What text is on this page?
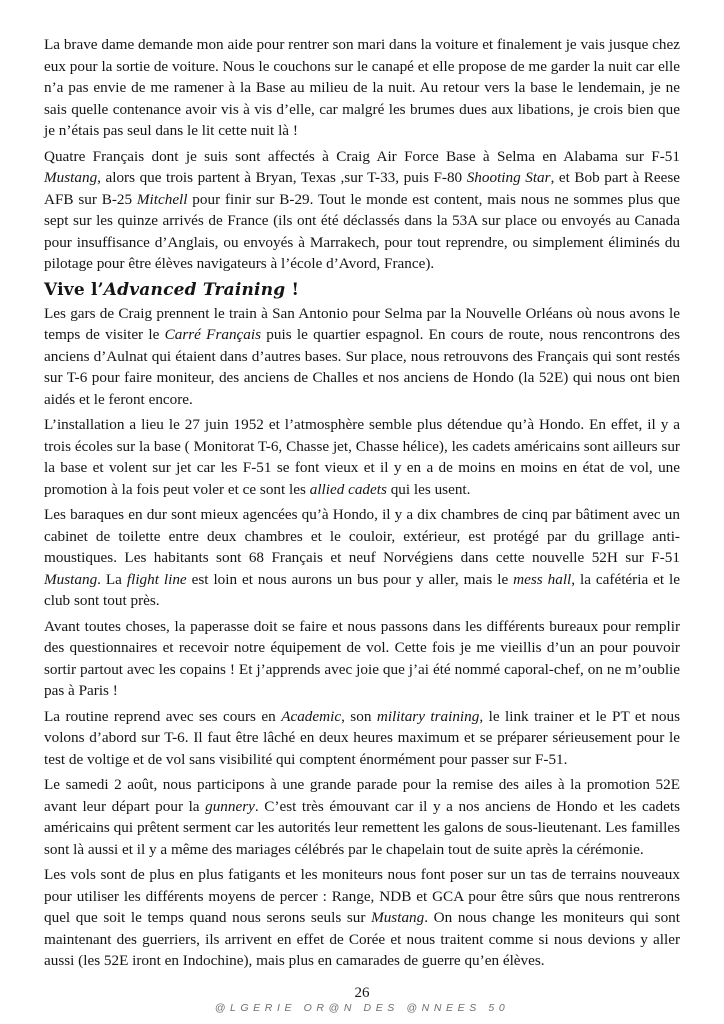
La brave dame demande mon aide pour rentrer son mari dans la voiture et finalement je vais jusque chez eux pour la sortie de voiture. Nous le couchons sur le canapé et elle propose de me garder la nuit car elle n’a pas envie de me ramener à la Base au milieu de la nuit. Au retour vers la base le lendemain, je ne sais quelle contenance avoir vis à vis d’elle, car malgré les brumes dues aux libations, je crois bien que je n’étais pas seul dans le lit cette nuit là !

Quatre Français dont je suis sont affectés à Craig Air Force Base à Selma en Alabama sur F-51 Mustang, alors que trois partent à Bryan, Texas ,sur T-33, puis F-80 Shooting Star, et Bob part à Reese AFB sur B-25 Mitchell pour finir sur B-29. Tout le monde est content, mais nous ne sommes plus que sept sur les quinze arrivés de France (ils ont été déclassés dans la 53A sur place ou envoyés au Canada pour insuffisance d’Anglais, ou envoyés à Marrakech, pour tout reprendre, ou simplement éliminés du pilotage pour être élèves navigateurs à l’école d’Avord, France).

Vive l’Advanced Training !

Les gars de Craig prennent le train à San Antonio pour Selma par la Nouvelle Orléans où nous avons le temps de visiter le Carré Français puis le quartier espagnol. En cours de route, nous rencontrons des anciens d’Aulnat qui étaient dans d’autres bases. Sur place, nous retrouvons des Français qui sont restés sur T-6 pour faire moniteur, des anciens de Challes et nos anciens de Hondo (la 52E) qui nous ont bien aidés et le feront encore.

L’installation a lieu le 27 juin 1952 et l’atmosphère semble plus détendue qu’à Hondo. En effet, il y a trois écoles sur la base ( Monitorat T-6, Chasse jet, Chasse hélice), les cadets américains sont ailleurs sur la base et volent sur jet car les F-51 se font vieux et il y en a de moins en moins en état de vol, une promotion à la fois peut voler et ce sont les allied cadets qui les usent.

Les baraques en dur sont mieux agencées qu’à Hondo, il y a dix chambres de cinq par bâtiment avec un cabinet de toilette entre deux chambres et le couloir, extérieur, est protégé par du grillage anti-moustiques. Les habitants sont 68 Français et neuf Norvégiens dans cette nouvelle 52H sur F-51 Mustang. La flight line est loin et nous aurons un bus pour y aller, mais le mess hall, la cafétéria et le club sont tout près.

Avant toutes choses, la paperasse doit se faire et nous passons dans les différents bureaux pour remplir des questionnaires et recevoir notre équipement de vol. Cette fois je me vieillis d’un an pour pouvoir sortir partout avec les copains ! Et j’apprends avec joie que j’ai été nommé caporal-chef, on ne m’oublie pas à Paris !

La routine reprend avec ses cours en Academic, son military training, le link trainer et le PT et nous volons d’abord sur T-6. Il faut être lâché en deux heures maximum et se préparer sérieusement pour le test de voltige et de vol sans visibilité qui comptent énormément pour passer sur F-51.

Le samedi 2 août, nous participons à une grande parade pour la remise des ailes à la promotion 52E avant leur départ pour la gunnery. C’est très émouvant car il y a nos anciens de Hondo et les cadets américains qui prêtent serment car les autorités leur remettent les galons de sous-lieutenant. Les familles sont là aussi et il y a même des mariages célébrés par le chapelain tout de suite après la cérémonie.

Les vols sont de plus en plus fatigants et les moniteurs nous font poser sur un tas de terrains nouveaux pour utiliser les différents moyens de percer : Range, NDB et GCA pour être sûrs que nous rentrerons quel que soit le temps quand nous serons seuls sur Mustang. On nous change les moniteurs qui sont maintenant des guerriers, ils arrivent en effet de Corée et nous traitent comme si nous devions y aller aussi (les 52E iront en Indochine), mais plus en camarades de guerre qu’en élèves.

26
@LGERIE OR@N DES @NNEES 50
